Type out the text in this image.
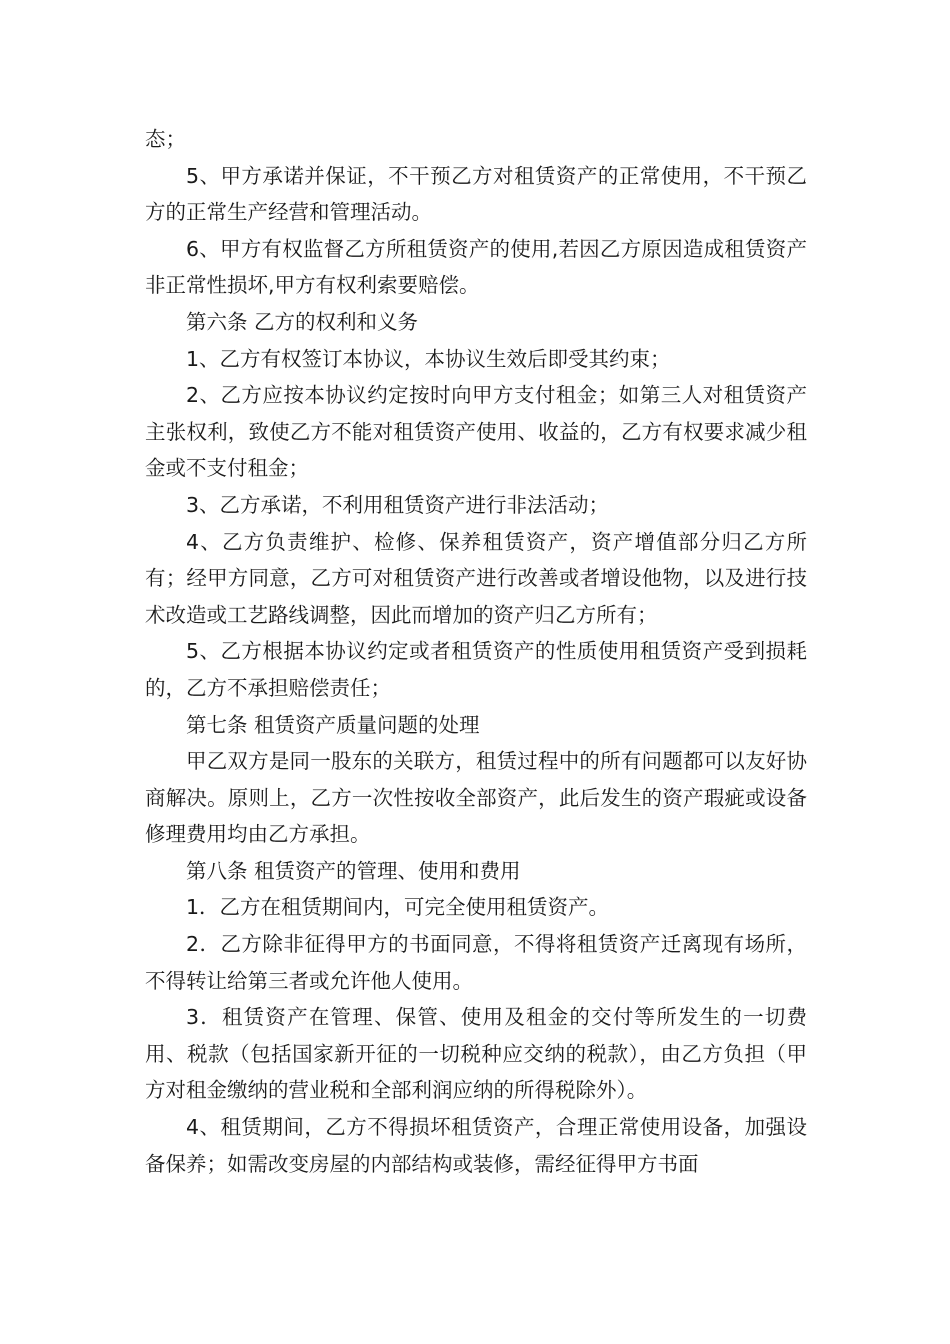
态；

5、甲方承诺并保证，不干预乙方对租赁资产的正常使用，不干预乙方的正常生产经营和管理活动。

6、甲方有权监督乙方所租赁资产的使用,若因乙方原因造成租赁资产非正常性损坏,甲方有权利索要赔偿。

第六条 乙方的权利和义务

1、乙方有权签订本协议，本协议生效后即受其约束；

2、乙方应按本协议约定按时向甲方支付租金；如第三人对租赁资产主张权利，致使乙方不能对租赁资产使用、收益的，乙方有权要求减少租金或不支付租金；

3、乙方承诺，不利用租赁资产进行非法活动；

4、乙方负责维护、检修、保养租赁资产，资产增值部分归乙方所有；经甲方同意，乙方可对租赁资产进行改善或者增设他物，以及进行技术改造或工艺路线调整，因此而增加的资产归乙方所有；

5、乙方根据本协议约定或者租赁资产的性质使用租赁资产受到损耗的，乙方不承担赔偿责任；

第七条 租赁资产质量问题的处理

甲乙双方是同一股东的关联方，租赁过程中的所有问题都可以友好协商解决。原则上，乙方一次性按收全部资产，此后发生的资产瑕疵或设备修理费用均由乙方承担。

第八条 租赁资产的管理、使用和费用

1．乙方在租赁期间内，可完全使用租赁资产。

2．乙方除非征得甲方的书面同意，不得将租赁资产迁离现有场所，不得转让给第三者或允许他人使用。

3．租赁资产在管理、保管、使用及租金的交付等所发生的一切费用、税款（包括国家新开征的一切税种应交纳的税款），由乙方负担（甲方对租金缴纳的营业税和全部利润应纳的所得税除外）。

4、租赁期间，乙方不得损坏租赁资产，合理正常使用设备，加强设备保养；如需改变房屋的内部结构或装修，需经征得甲方书面
